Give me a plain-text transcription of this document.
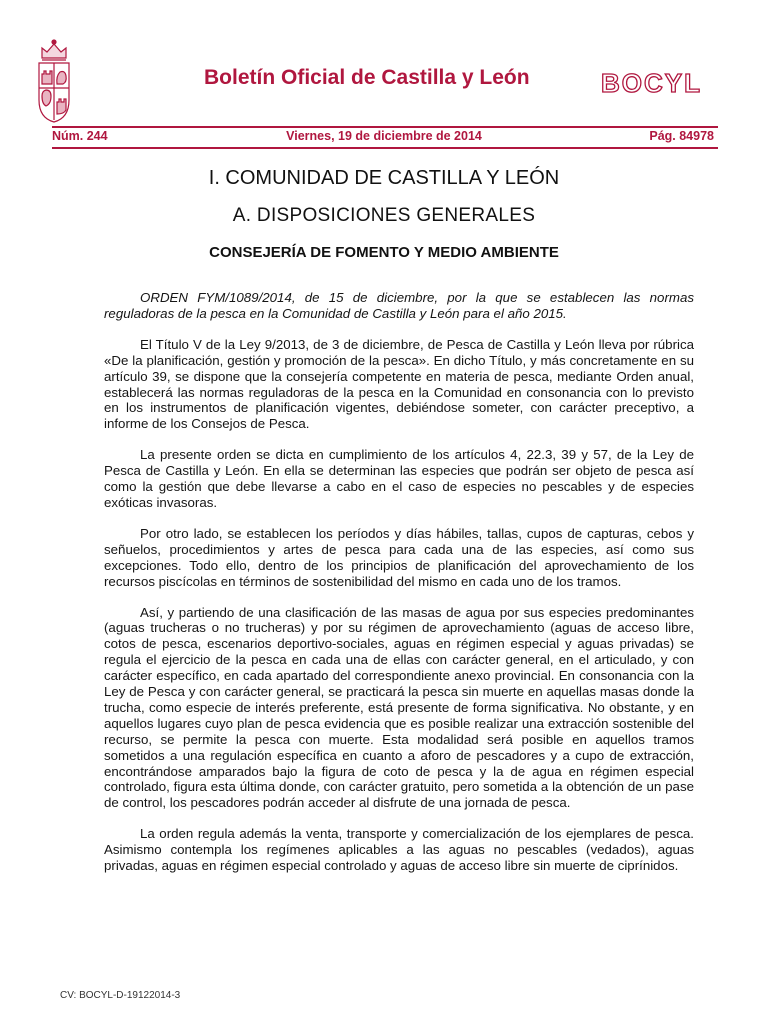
Boletín Oficial de Castilla y León	BOCYL
Viernes, 19 de diciembre de 2014
Núm. 244	Pág. 84978
I. COMUNIDAD DE CASTILLA Y LEÓN
A. DISPOSICIONES GENERALES
CONSEJERÍA DE FOMENTO Y MEDIO AMBIENTE

ORDEN FYM/1089/2014, de 15 de diciembre, por la que se establecen las normas reguladoras de la pesca en la Comunidad de Castilla y León para el año 2015.

El Título V de la Ley 9/2013, de 3 de diciembre, de Pesca de Castilla y León lleva por rúbrica «De la planificación, gestión y promoción de la pesca». En dicho Título, y más concretamente en su artículo 39, se dispone que la consejería competente en materia de pesca, mediante Orden anual, establecerá las normas reguladoras de la pesca en la Comunidad en consonancia con lo previsto en los instrumentos de planificación vigentes, debiéndose someter, con carácter preceptivo, a informe de los Consejos de Pesca.

La presente orden se dicta en cumplimiento de los artículos 4, 22.3, 39 y 57, de la Ley de Pesca de Castilla y León. En ella se determinan las especies que podrán ser objeto de pesca así como la gestión que debe llevarse a cabo en el caso de especies no pescables y de especies exóticas invasoras.

Por otro lado, se establecen los períodos y días hábiles, tallas, cupos de capturas, cebos y señuelos, procedimientos y artes de pesca para cada una de las especies, así como sus excepciones. Todo ello, dentro de los principios de planificación del aprovechamiento de los recursos piscícolas en términos de sostenibilidad del mismo en cada uno de los tramos.

Así, y partiendo de una clasificación de las masas de agua por sus especies predominantes (aguas trucheras o no trucheras) y por su régimen de aprovechamiento (aguas de acceso libre, cotos de pesca, escenarios deportivo-sociales, aguas en régimen especial y aguas privadas) se regula el ejercicio de la pesca en cada una de ellas con carácter general, en el articulado, y con carácter específico, en cada apartado del correspondiente anexo provincial. En consonancia con la Ley de Pesca y con carácter general, se practicará la pesca sin muerte en aquellas masas donde la trucha, como especie de interés preferente, está presente de forma significativa. No obstante, y en aquellos lugares cuyo plan de pesca evidencia que es posible realizar una extracción sostenible del recurso, se permite la pesca con muerte. Esta modalidad será posible en aquellos tramos sometidos a una regulación específica en cuanto a aforo de pescadores y a cupo de extracción, encontrándose amparados bajo la figura de coto de pesca y la de agua en régimen especial controlado, figura esta última donde, con carácter gratuito, pero sometida a la obtención de un pase de control, los pescadores podrán acceder al disfrute de una jornada de pesca.

La orden regula además la venta, transporte y comercialización de los ejemplares de pesca. Asimismo contempla los regímenes aplicables a las aguas no pescables (vedados), aguas privadas, aguas en régimen especial controlado y aguas de acceso libre sin muerte de ciprínidos.

CV: BOCYL-D-19122014-3
